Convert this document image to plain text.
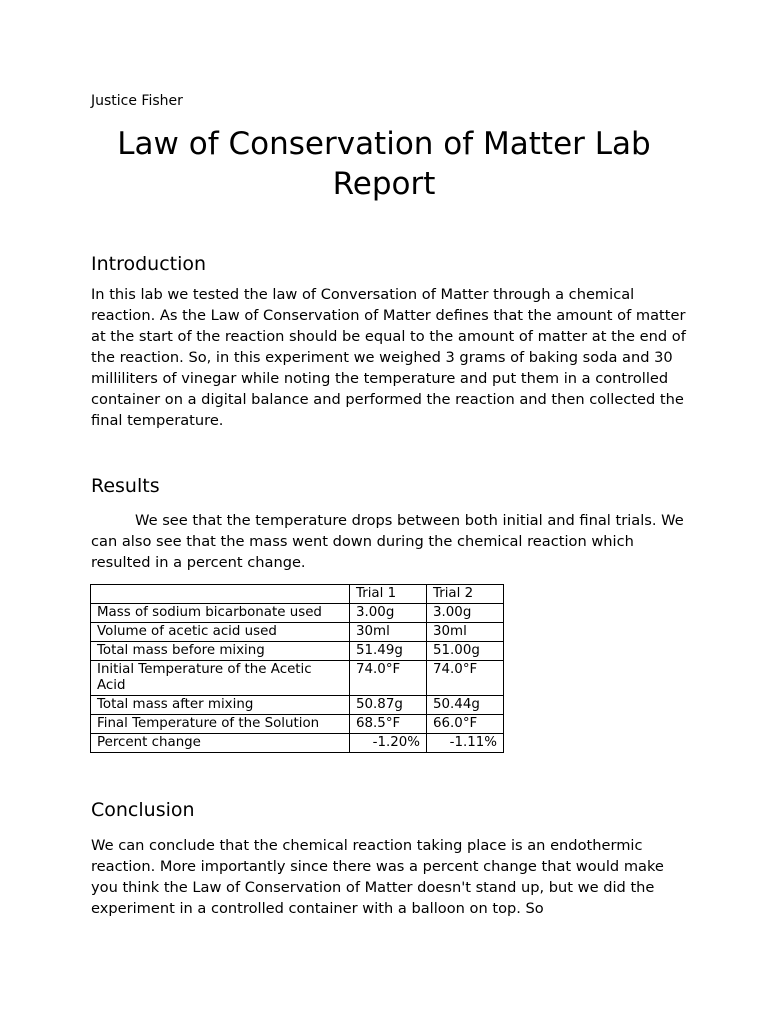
Justice Fisher
Law of Conservation of Matter Lab Report
Introduction

In this lab we tested the law of Conversation of Matter through a chemical reaction. As the Law of Conservation of Matter defines that the amount of matter at the start of the reaction should be equal to the amount of matter at the end of the reaction. So, in this experiment we weighed 3 grams of baking soda and 30 milliliters of vinegar while noting the temperature and put them in a controlled container on a digital balance and performed the reaction and then collected the final temperature.

Results

We see that the temperature drops between both initial and final trials. We can also see that the mass went down during the chemical reaction which resulted in a percent change.

	Trial 1	Trial 2
Mass of sodium bicarbonate used	3.00g	3.00g
Volume of acetic acid used	30ml	30ml
Total mass before mixing	51.49g	51.00g
Initial Temperature of the Acetic Acid	74.0°F	74.0°F
Total mass after mixing	50.87g	50.44g
Final Temperature of the Solution	68.5°F	66.0°F
Percent change	-1.20%	-1.11%
Conclusion

We can conclude that the chemical reaction taking place is an endothermic reaction. More importantly since there was a percent change that would make you think the Law of Conservation of Matter doesn't stand up, but we did the experiment in a controlled container with a balloon on top. So
